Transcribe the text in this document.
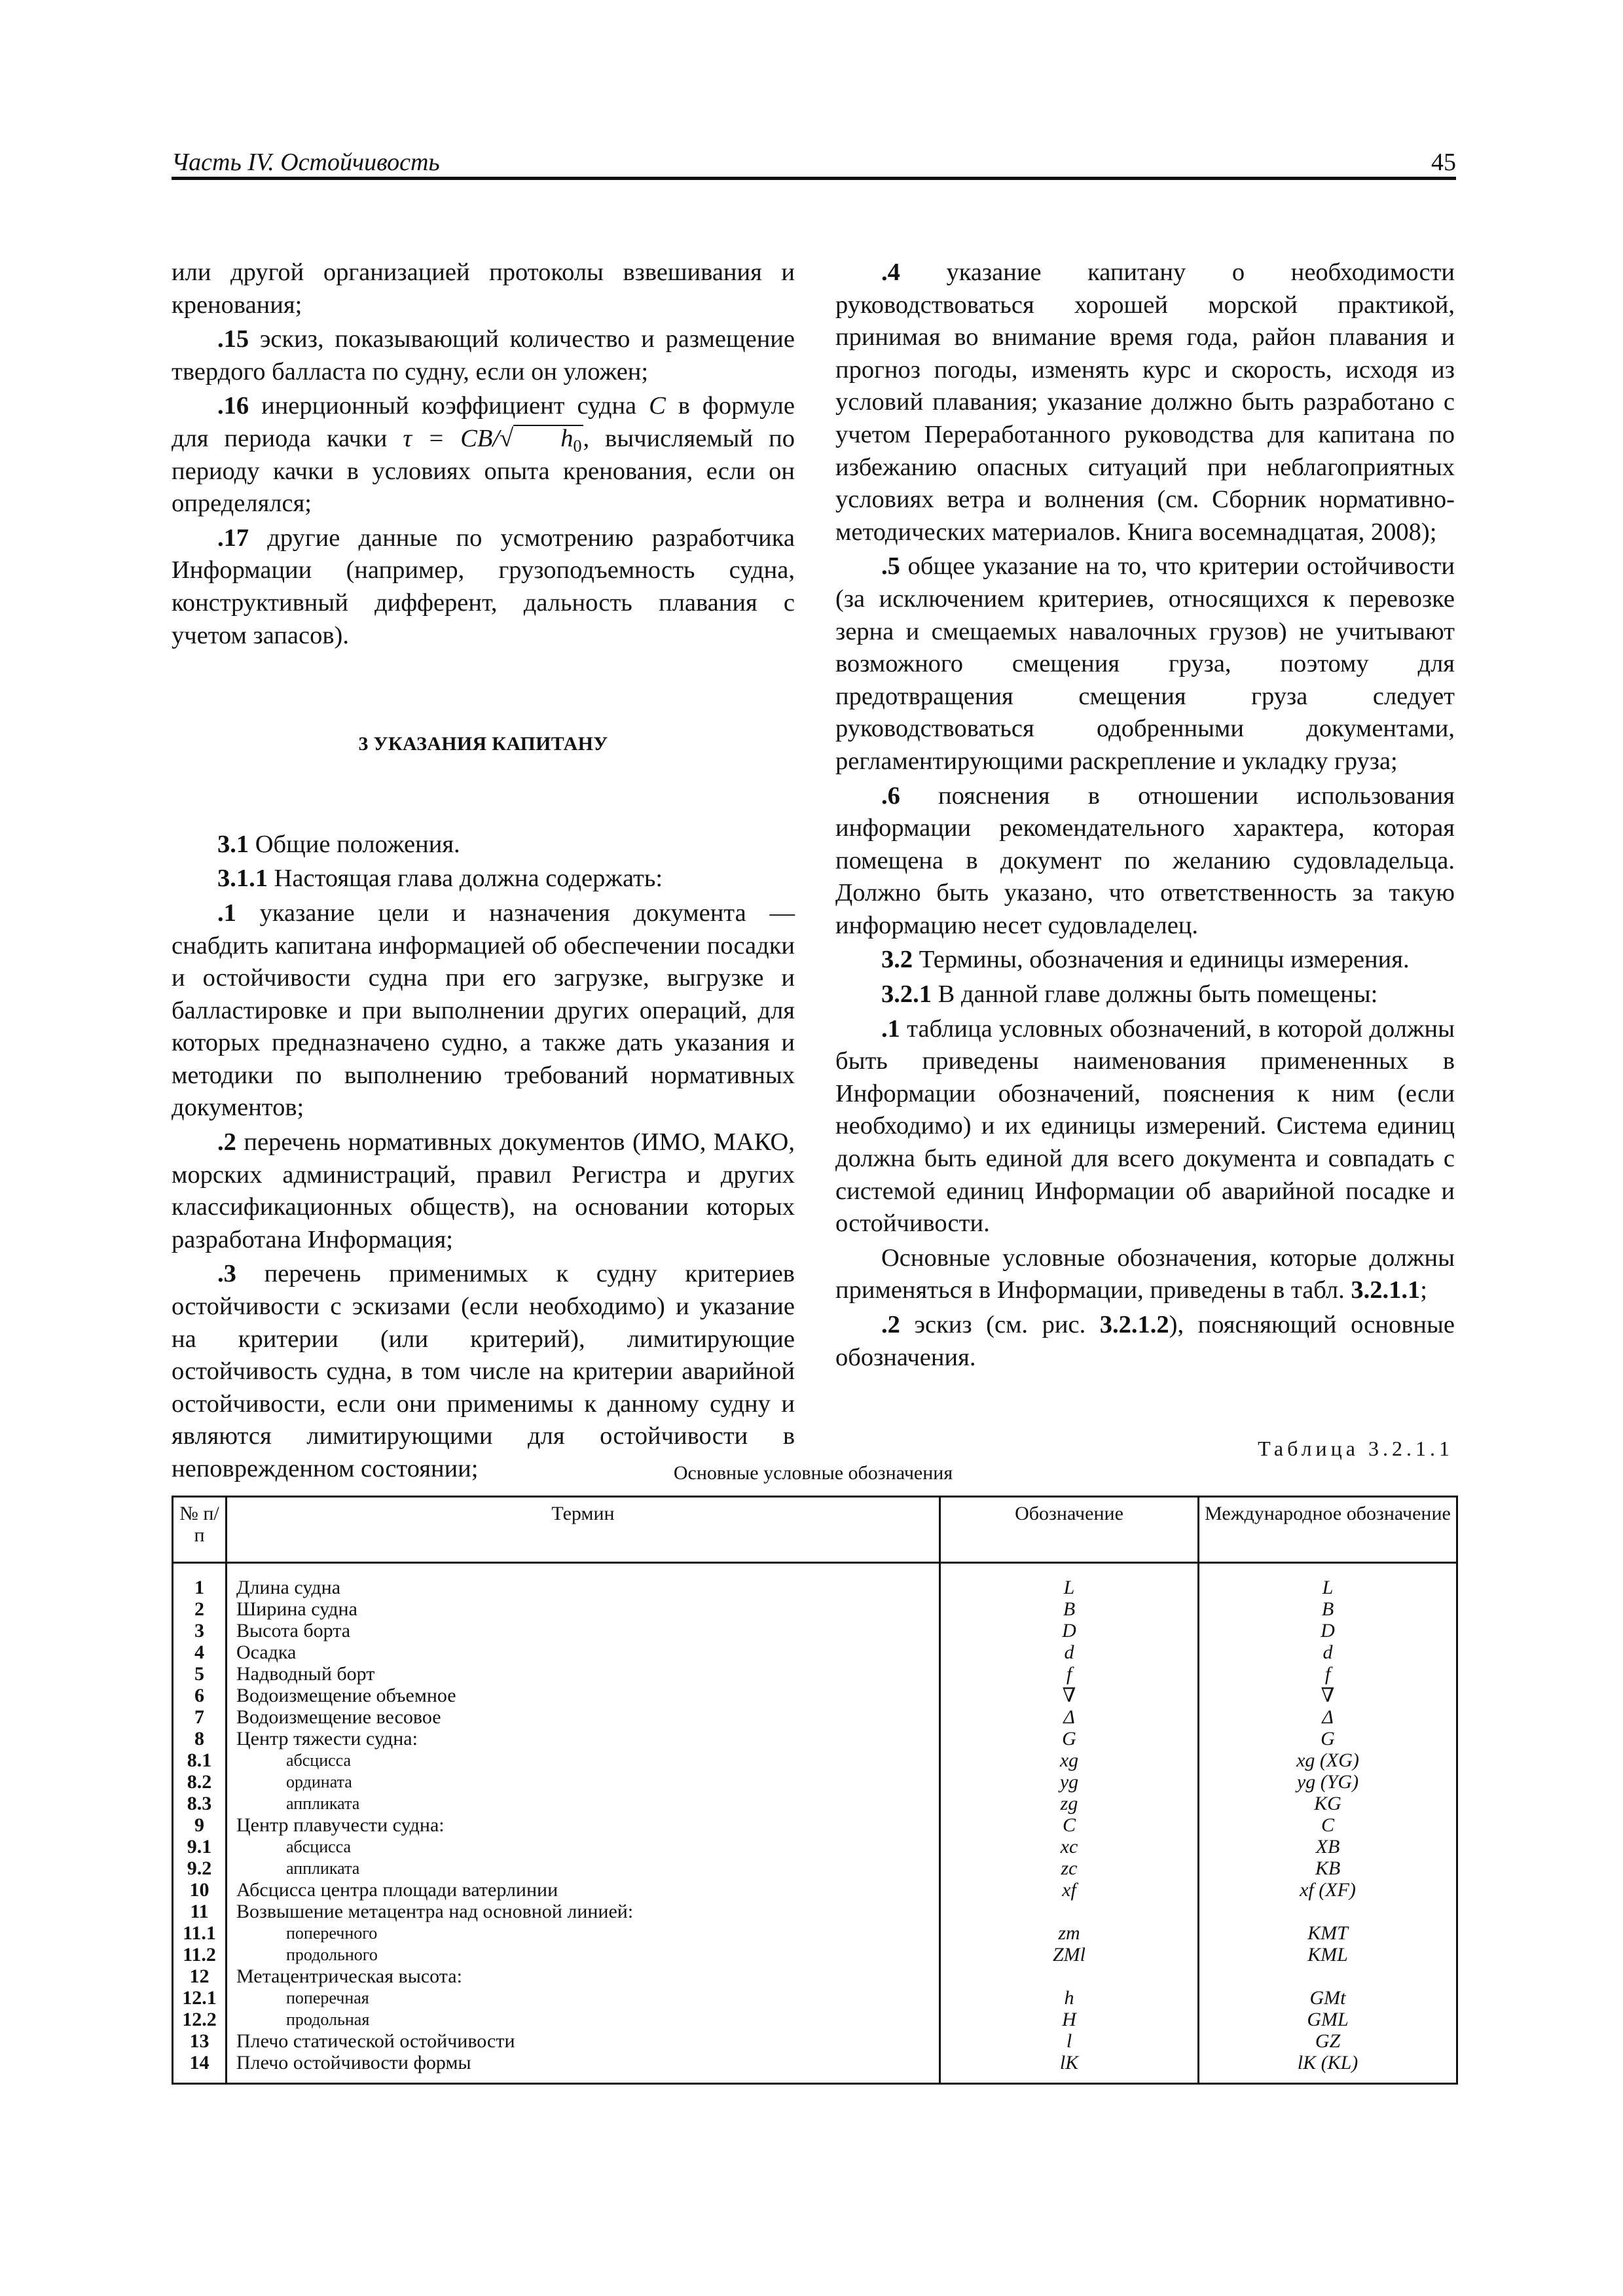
Часть IV. Остойчивость	45

или другой организацией протоколы взвешивания и кренования;

.15 эскиз, показывающий количество и размещение твердого балласта по судну, если он уложен;

.16 инерционный коэффициент судна C в формуле для периода качки τ = CB/√ $h_0$, вычисляемый по периоду качки в условиях опыта кренования, если он определялся;

.17 другие данные по усмотрению разработчика Информации (например, грузоподъемность судна, конструктивный дифферент, дальность плавания с учетом запасов).

3 УКАЗАНИЯ КАПИТАНУ

3.1 Общие положения.

3.1.1 Настоящая глава должна содержать:

.1 указание цели и назначения документа — снабдить капитана информацией об обеспечении посадки и остойчивости судна при его загрузке, выгрузке и балластировке и при выполнении других операций, для которых предназначено судно, а также дать указания и методики по выполнению требований нормативных документов;

.2 перечень нормативных документов (ИМО, МАКО, морских администраций, правил Регистра и других классификационных обществ), на основании которых разработана Информация;

.3 перечень применимых к судну критериев остойчивости с эскизами (если необходимо) и указание на критерии (или критерий), лимитирующие остойчивость судна, в том числе на критерии аварийной остойчивости, если они применимы к данному судну и являются лимитирующими для остойчивости в неповрежденном состоянии;

.4 указание капитану о необходимости руководствоваться хорошей морской практикой, принимая во внимание время года, район плавания и прогноз погоды, изменять курс и скорость, исходя из условий плавания; указание должно быть разработано с учетом Переработанного руководства для капитана по избежанию опасных ситуаций при неблагоприятных условиях ветра и волнения (см. Сборник нормативно-методических материалов. Книга восемнадцатая, 2008);

.5 общее указание на то, что критерии остойчивости (за исключением критериев, относящихся к перевозке зерна и смещаемых навалочных грузов) не учитывают возможного смещения груза, поэтому для предотвращения смещения груза следует руководствоваться одобренными документами, регламентирующими раскрепление и укладку груза;

.6 пояснения в отношении использования информации рекомендательного характера, которая помещена в документ по желанию судовладельца. Должно быть указано, что ответственность за такую информацию несет судовладелец.

3.2 Термины, обозначения и единицы измерения.

3.2.1 В данной главе должны быть помещены:

.1 таблица условных обозначений, в которой должны быть приведены наименования примененных в Информации обозначений, пояснения к ним (если необходимо) и их единицы измерений. Система единиц должна быть единой для всего документа и совпадать с системой единиц Информации об аварийной посадке и остойчивости.

Основные условные обозначения, которые должны применяться в Информации, приведены в табл. 3.2.1.1;

.2 эскиз (см. рис. 3.2.1.2), поясняющий основные обозначения.

Таблица 3.2.1.1
Основные условные обозначения
№ п/п	Термин	Обозначение	Международное обозначение
1	Длина судна	L	L
2	Ширина судна	B	B
3	Высота борта	D	D
4	Осадка	d	d
5	Надводный борт	f	f
6	Водоизмещение объемное	∇	∇
7	Водоизмещение весовое	Δ	Δ
8	Центр тяжести судна:	G	G
8.1	абсцисса	xg	xg (XG)
8.2	ордината	yg	yg (YG)
8.3	аппликата	zg	KG
9	Центр плавучести судна:	C	C
9.1	абсцисса	xc	XB
9.2	аппликата	zc	KB
10	Абсцисса центра площади ватерлинии	xf	xf (XF)
11	Возвышение метацентра над основной линией:		
11.1	поперечного	zm	KMT
11.2	продольного	ZMl	KML
12	Метацентрическая высота:		
12.1	поперечная	h	GMt
12.2	продольная	H	GML
13	Плечо статической остойчивости	l	GZ
14	Плечо остойчивости формы	lK	lK (KL)
